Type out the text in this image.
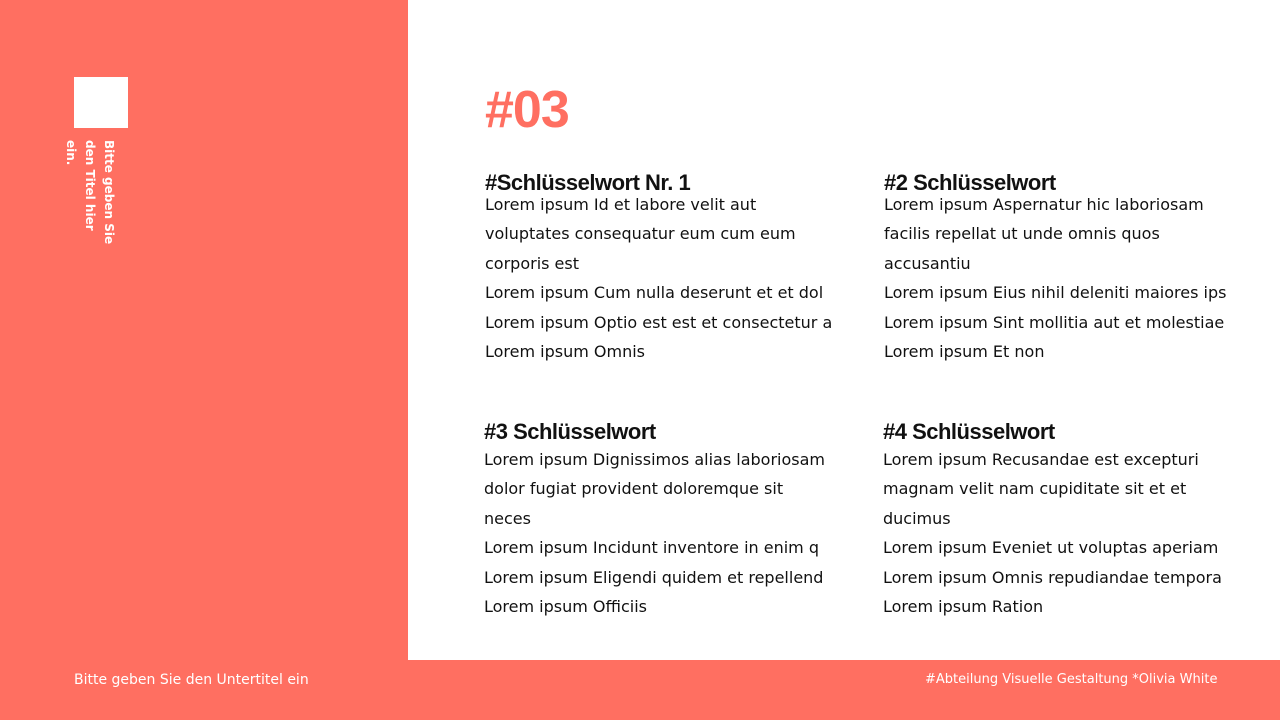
Bitte geben Sie den Titel hier ein.
#03
#Schlüsselwort Nr. 1
Lorem ipsum Id et labore velit aut voluptates consequatur eum cum eum corporis est
Lorem ipsum Cum nulla deserunt et et dol
Lorem ipsum Optio est est et consectetur a
Lorem ipsum Omnis
#2 Schlüsselwort
Lorem ipsum Aspernatur hic laboriosam facilis repellat ut unde omnis quos accusantiu
Lorem ipsum Eius nihil deleniti maiores ips
Lorem ipsum Sint mollitia aut et molestiae
Lorem ipsum Et non
#3 Schlüsselwort
Lorem ipsum Dignissimos alias laboriosam dolor fugiat provident doloremque sit neces
Lorem ipsum Incidunt inventore in enim q
Lorem ipsum Eligendi quidem et repellend
Lorem ipsum Officiis
#4 Schlüsselwort
Lorem ipsum Recusandae est excepturi magnam velit nam cupiditate sit et et ducimus
Lorem ipsum Eveniet ut voluptas aperiam
Lorem ipsum Omnis repudiandae tempora
Lorem ipsum Ration
Bitte geben Sie den Untertitel ein	#Abteilung Visuelle Gestaltung *Olivia White
